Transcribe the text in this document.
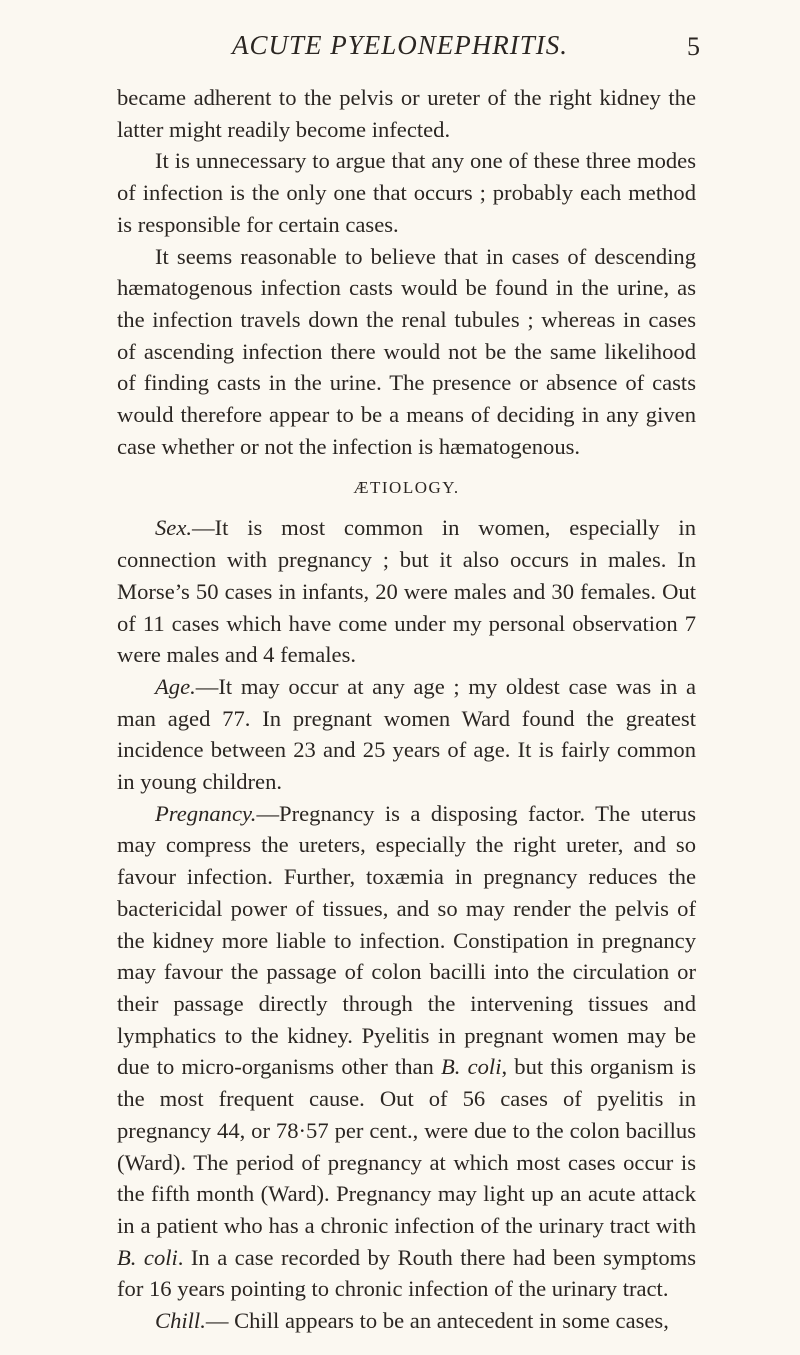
ACUTE PYELONEPHRITIS.	5

became adherent to the pelvis or ureter of the right kidney the latter might readily become infected.

It is unnecessary to argue that any one of these three modes of infection is the only one that occurs ; probably each method is responsible for certain cases.

It seems reasonable to believe that in cases of descending hæmatogenous infection casts would be found in the urine, as the infection travels down the renal tubules ; whereas in cases of ascending infection there would not be the same likelihood of finding casts in the urine. The presence or absence of casts would therefore appear to be a means of deciding in any given case whether or not the infection is hæmatogenous.

ÆTIOLOGY.

Sex.—It is most common in women, especially in connection with pregnancy ; but it also occurs in males. In Morse’s 50 cases in infants, 20 were males and 30 females. Out of 11 cases which have come under my personal observation 7 were males and 4 females.

Age.—It may occur at any age ; my oldest case was in a man aged 77. In pregnant women Ward found the greatest incidence between 23 and 25 years of age. It is fairly common in young children.

Pregnancy.—Pregnancy is a disposing factor. The uterus may compress the ureters, especially the right ureter, and so favour infection. Further, toxæmia in pregnancy reduces the bactericidal power of tissues, and so may render the pelvis of the kidney more liable to infection. Constipation in pregnancy may favour the passage of colon bacilli into the circulation or their passage directly through the intervening tissues and lymphatics to the kidney. Pyelitis in pregnant women may be due to micro-organisms other than B. coli, but this organism is the most frequent cause. Out of 56 cases of pyelitis in pregnancy 44, or 78·57 per cent., were due to the colon bacillus (Ward). The period of pregnancy at which most cases occur is the fifth month (Ward). Pregnancy may light up an acute attack in a patient who has a chronic infection of the urinary tract with B. coli. In a case recorded by Routh there had been symptoms for 16 years pointing to chronic infection of the urinary tract.

Chill.— Chill appears to be an antecedent in some cases,
